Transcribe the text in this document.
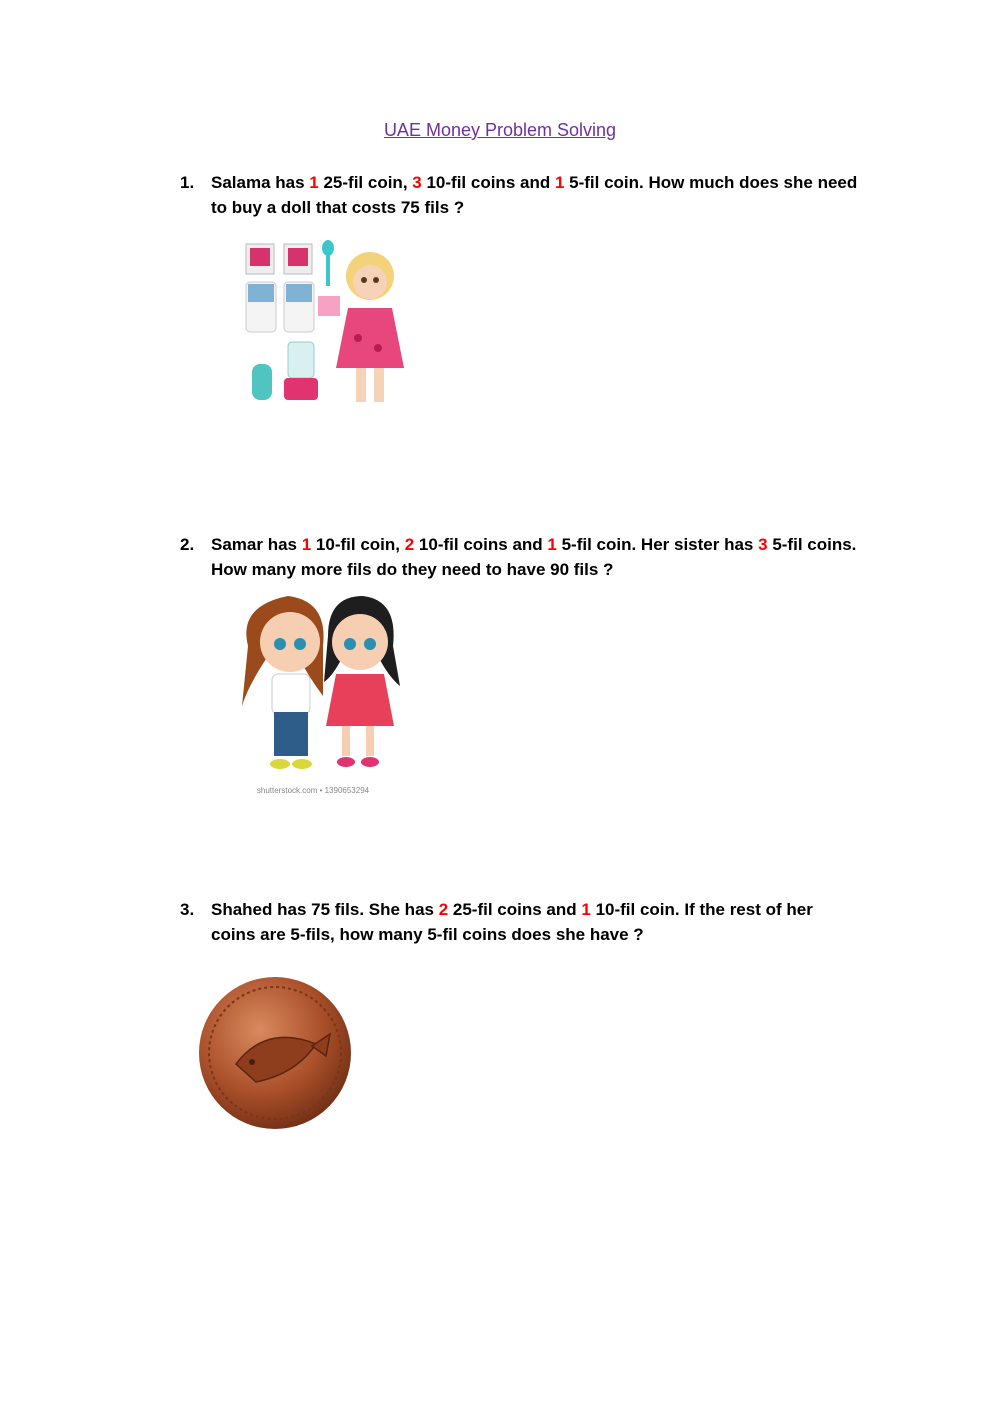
UAE Money Problem Solving
1. Salama has 1 25-fil coin, 3 10-fil coins and 1 5-fil coin. How much does she need to buy a doll that costs 75 fils ?
2. Samar has 1 10-fil coin, 2 10-fil coins and 1 5-fil coin. Her sister has 3 5-fil coins. How many more fils do they need to have 90 fils ?
shutterstock.com • 1390653294
3. Shahed has 75 fils. She has 2 25-fil coins and 1 10-fil coin. If the rest of her coins are 5-fils, how many 5-fil coins does she have ?
